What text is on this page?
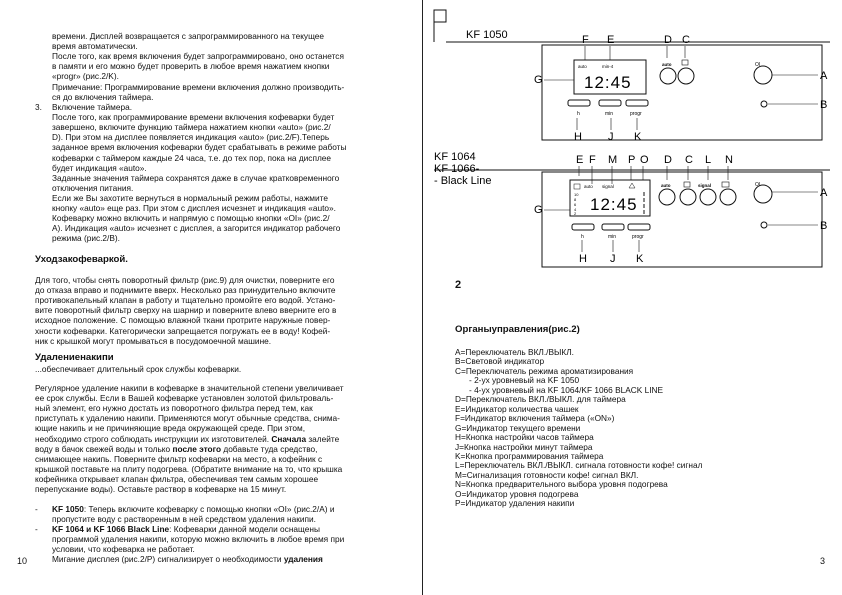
времени. Дисплей возвращается с запрограммированного на текущее
время автоматически.
После того, как время включения будет запрограммировано, оно останется
в памяти и его можно будет проверить в любое время нажатием кнопки
«progr» (рис.2/K).
Примечание: Программирование времени включения должно производить-
ся до включения таймера.
3. Включение таймера.
После того, как программирование времени включения кофеварки будет
завершено, включите функцию таймера нажатием кнопки «auto» (рис.2/
D). При этом на дисплее появляется индикация «auto» (рис.2/F).Теперь
заданное время включения кофеварки будет срабатывать в режиме работы
кофеварки с таймером каждые 24 часа, т.е. до тех пор, пока на дисплее
будет индикация «auto».
Заданные значения таймера сохранятся даже в случае кратковременного
отключения питания.
Если же Вы захотите вернуться в нормальный режим работы, нажмите
кнопку «auto» еще раз. При этом с дисплея исчезнет и индикация «auto».
Кофеварку можно включить и напрямую с помощью кнопки «OI» (рис.2/
A). Индикация «auto» исчезнет с дисплея, а загорится индикатор рабочего
режима (рис.2/B).
Уходзакофеваркой.
Для того, чтобы снять поворотный фильтр (рис.9) для очистки, поверните его
до отказа вправо и поднимите вверх. Несколько раз принудительно включите
противокапельный клапан в работу и тщательно промойте его водой. Устано-
вите поворотный фильтр сверху на шарнир и поверните влево вверните его в
исходное положение. С помощью влажной ткани протрите наружные повер-
хности кофеварки. Категорически запрещается погружать ее в воду! Кофей-
ник с крышкой могут промываться в посудомоечной машине.
Удалениенакипи
...обеспечивает длительный срок службы кофеварки.
Регулярное удаление накипи в кофеварке в значительной степени увеличивает
ее срок службы. Если в Вашей кофеварке установлен золотой фильтроваль-
ный элемент, его нужно достать из поворотного фильтра перед тем, как
приступать к удалению накипи. Применяются могут обычные средства, снима-
ющие накипь и не причиняющие вреда окружающей среде. При этом,
необходимо строго соблюдать инструкции их изготовителей. Сначала залейте
воду в бачок свежей воды и только после этого добавьте туда средство,
снимающее накипь. Поверните фильтр кофеварки на место, а кофейник с
крышкой поставьте на плиту подогрева. (Обратите внимание на то, что крышка
кофейника открывает клапан фильтра, обеспечивая тем самым хорошее
перепускание воды). Оставьте раствор в кофеварке на 15 минут.
- KF 1050: Теперь включите кофеварку с помощью кнопки «OI» (рис.2/A) и
пропустите воду с растворенным в ней средством удаления накипи.
- KF 1064 и KF 1066 Black Line: Кофеварки данной модели оснащены
программой удаления накипи, которую можно включить в любое время при
условии, что кофеварка не работает.
Мигание дисплея (рис.2/P) сигнализирует о необходимости удаления
10
KF 1050	F E	D C
G	A
B
H J K
auto	min-4
12:45
h	min	progr
auto	OI
KF 1064
KF 1066-
- Black Line
E F M P O D C L N
G
A
B
H J K
auto signal
10
8
6
4
2 12:45
h	min	progr
auto	signal	OI
2
Органыуправления(рис.2)
A=Переключатель ВКЛ./ВЫКЛ.
B=Световой индикатор
C=Переключатель режима ароматизирования
- 2-ух уровневый на KF 1050
- 4-ух уровневый на KF 1064/KF 1066 BLACK LINE
D=Переключатель ВКЛ./ВЫКЛ. для таймера
E=Индикатор количества чашек
F=Индикатор включения таймера («ON»)
G=Индикатор текущего времени
H=Кнопка настройки часов таймера
J=Кнопка настройки минут таймера
K=Кнопка программирования таймера
L=Переключатель ВКЛ./ВЫКЛ. сигнала готовности кофе! сигнал
M=Сигнализация готовности кофе! сигнал ВКЛ.
N=Кнопка предварительного выбора уровня подогрева
O=Индикатор уровня подогрева
P=Индикатор удаления накипи
3
